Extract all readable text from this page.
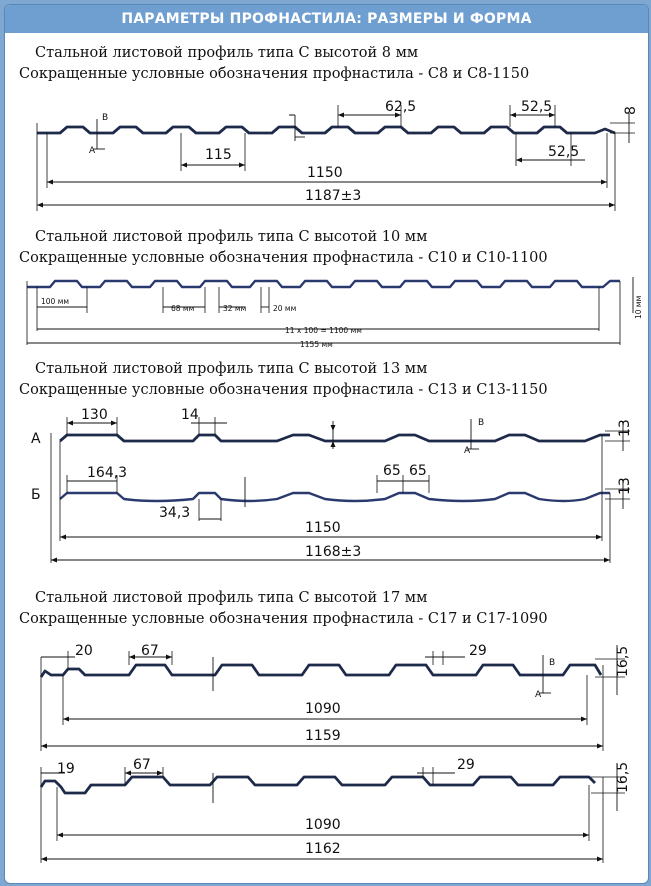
ПАРАМЕТРЫ ПРОФНАСТИЛА: РАЗМЕРЫ И ФОРМА
Стальной листовой профиль типа С высотой 8 мм
Сокращенные условные обозначения профнастила - С8 и С8-1150
B
A
62,5	52,5
115	52,5
1150
1187±3
8
Стальной листовой профиль типа С высотой 10 мм
Сокращенные условные обозначения профнастила - С10 и С10-1100
100 мм
68 мм	32 мм	20 мм
11 x 100 = 1100 мм
1155 мм
10 мм
Стальной листовой профиль типа С высотой 13 мм
Сокращенные условные обозначения профнастила - С13 и С13-1150
А
Б
B
A
130	14
13
164,3	65 65
34,3
13
1150
1168±3
Стальной листовой профиль типа С высотой 17 мм
Сокращенные условные обозначения профнастила - С17 и С17-1090
B
A
20	67	29	16,5
1090
1159
19	67	29	16,5
1090
1162
